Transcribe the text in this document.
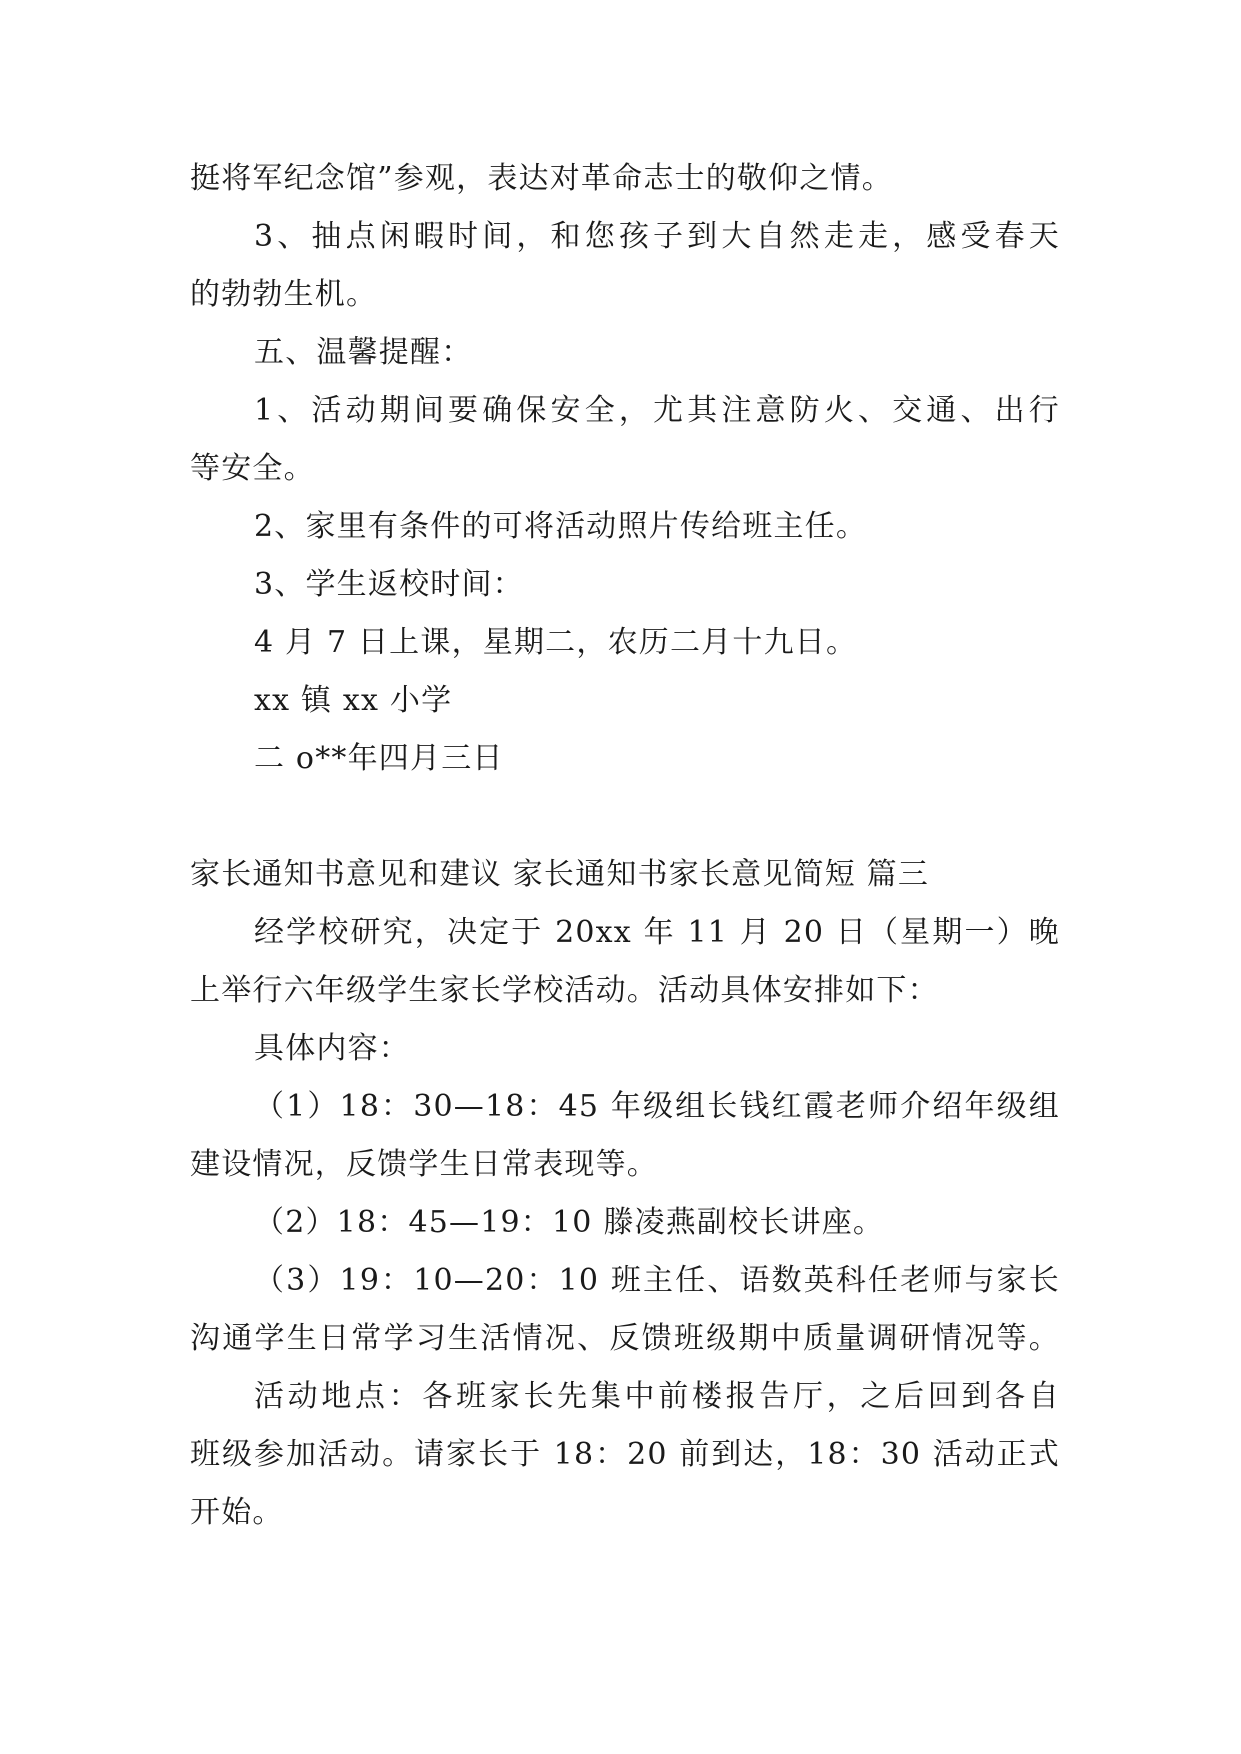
挺将军纪念馆”参观，表达对革命志士的敬仰之情。
3、抽点闲暇时间，和您孩子到大自然走走，感受春天
的勃勃生机。
五、温馨提醒：
1、活动期间要确保安全，尤其注意防火、交通、出行
等安全。
2、家里有条件的可将活动照片传给班主任。
3、学生返校时间：
4 月 7 日上课，星期二，农历二月十九日。
xx 镇 xx 小学
二 o**年四月三日
家长通知书意见和建议 家长通知书家长意见简短 篇三
经学校研究，决定于 20xx 年 11 月 20 日（星期一）晚
上举行六年级学生家长学校活动。活动具体安排如下：
具体内容：
（1）18：30—18：45 年级组长钱红霞老师介绍年级组
建设情况，反馈学生日常表现等。
（2）18：45—19：10 滕凌燕副校长讲座。
（3）19：10—20：10 班主任、语数英科任老师与家长
沟通学生日常学习生活情况、反馈班级期中质量调研情况等。
活动地点：各班家长先集中前楼报告厅，之后回到各自
班级参加活动。请家长于 18：20 前到达，18：30 活动正式
开始。
